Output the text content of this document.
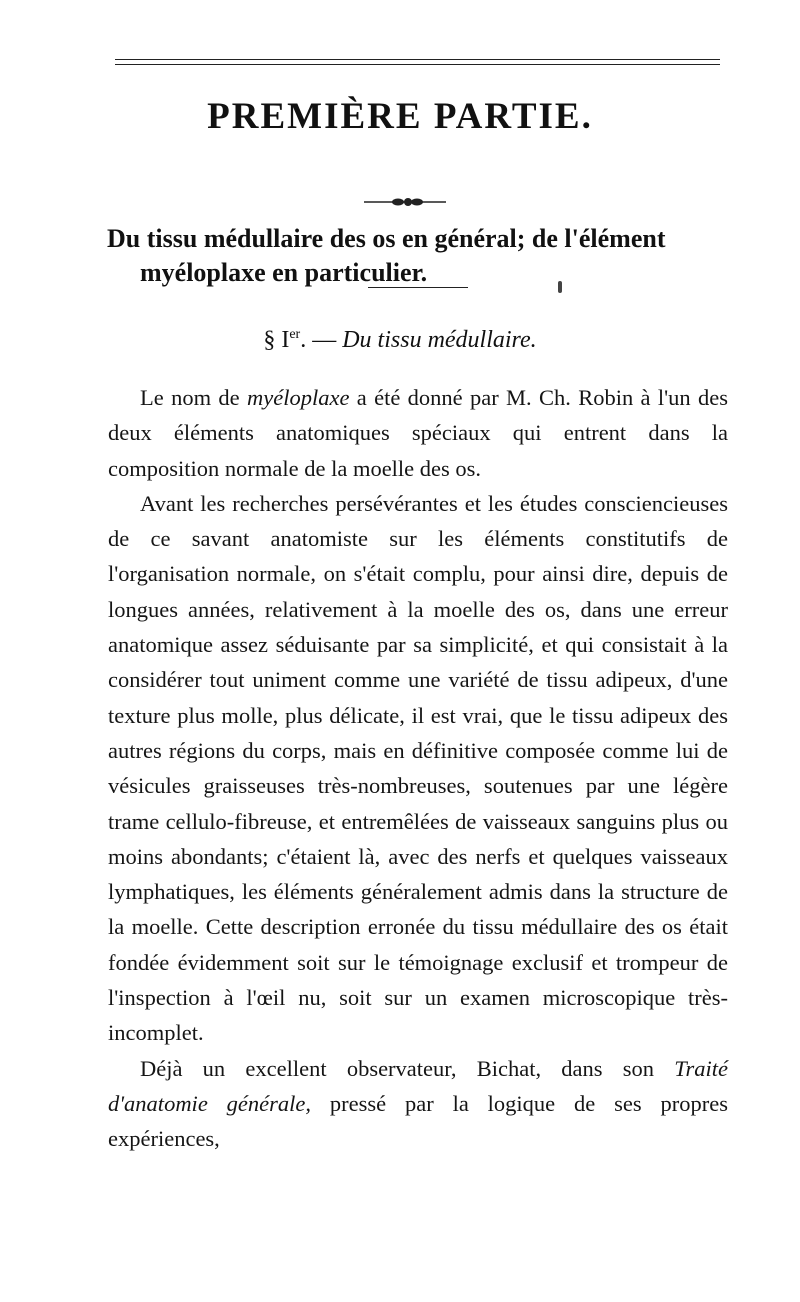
PREMIÈRE PARTIE.
Du tissu médullaire des os en général; de l'élément
myéloplaxe en particulier.
§ Ier. — Du tissu médullaire.

Le nom de myéloplaxe a été donné par M. Ch. Robin à l'un des deux éléments anatomiques spéciaux qui entrent dans la composition normale de la moelle des os.

Avant les recherches persévérantes et les études consciencieuses de ce savant anatomiste sur les éléments constitutifs de l'organisation normale, on s'était complu, pour ainsi dire, depuis de longues années, relativement à la moelle des os, dans une erreur anatomique assez séduisante par sa simplicité, et qui consistait à la considérer tout uniment comme une variété de tissu adipeux, d'une texture plus molle, plus délicate, il est vrai, que le tissu adipeux des autres régions du corps, mais en définitive composée comme lui de vésicules graisseuses très-nombreuses, soutenues par une légère trame cellulo-fibreuse, et entremêlées de vaisseaux sanguins plus ou moins abondants; c'étaient là, avec des nerfs et quelques vaisseaux lymphatiques, les éléments généralement admis dans la structure de la moelle. Cette description erronée du tissu médullaire des os était fondée évidemment soit sur le témoignage exclusif et trompeur de l'inspection à l'œil nu, soit sur un examen microscopique très-incomplet.

Déjà un excellent observateur, Bichat, dans son Traité d'anatomie générale, pressé par la logique de ses propres expériences,
